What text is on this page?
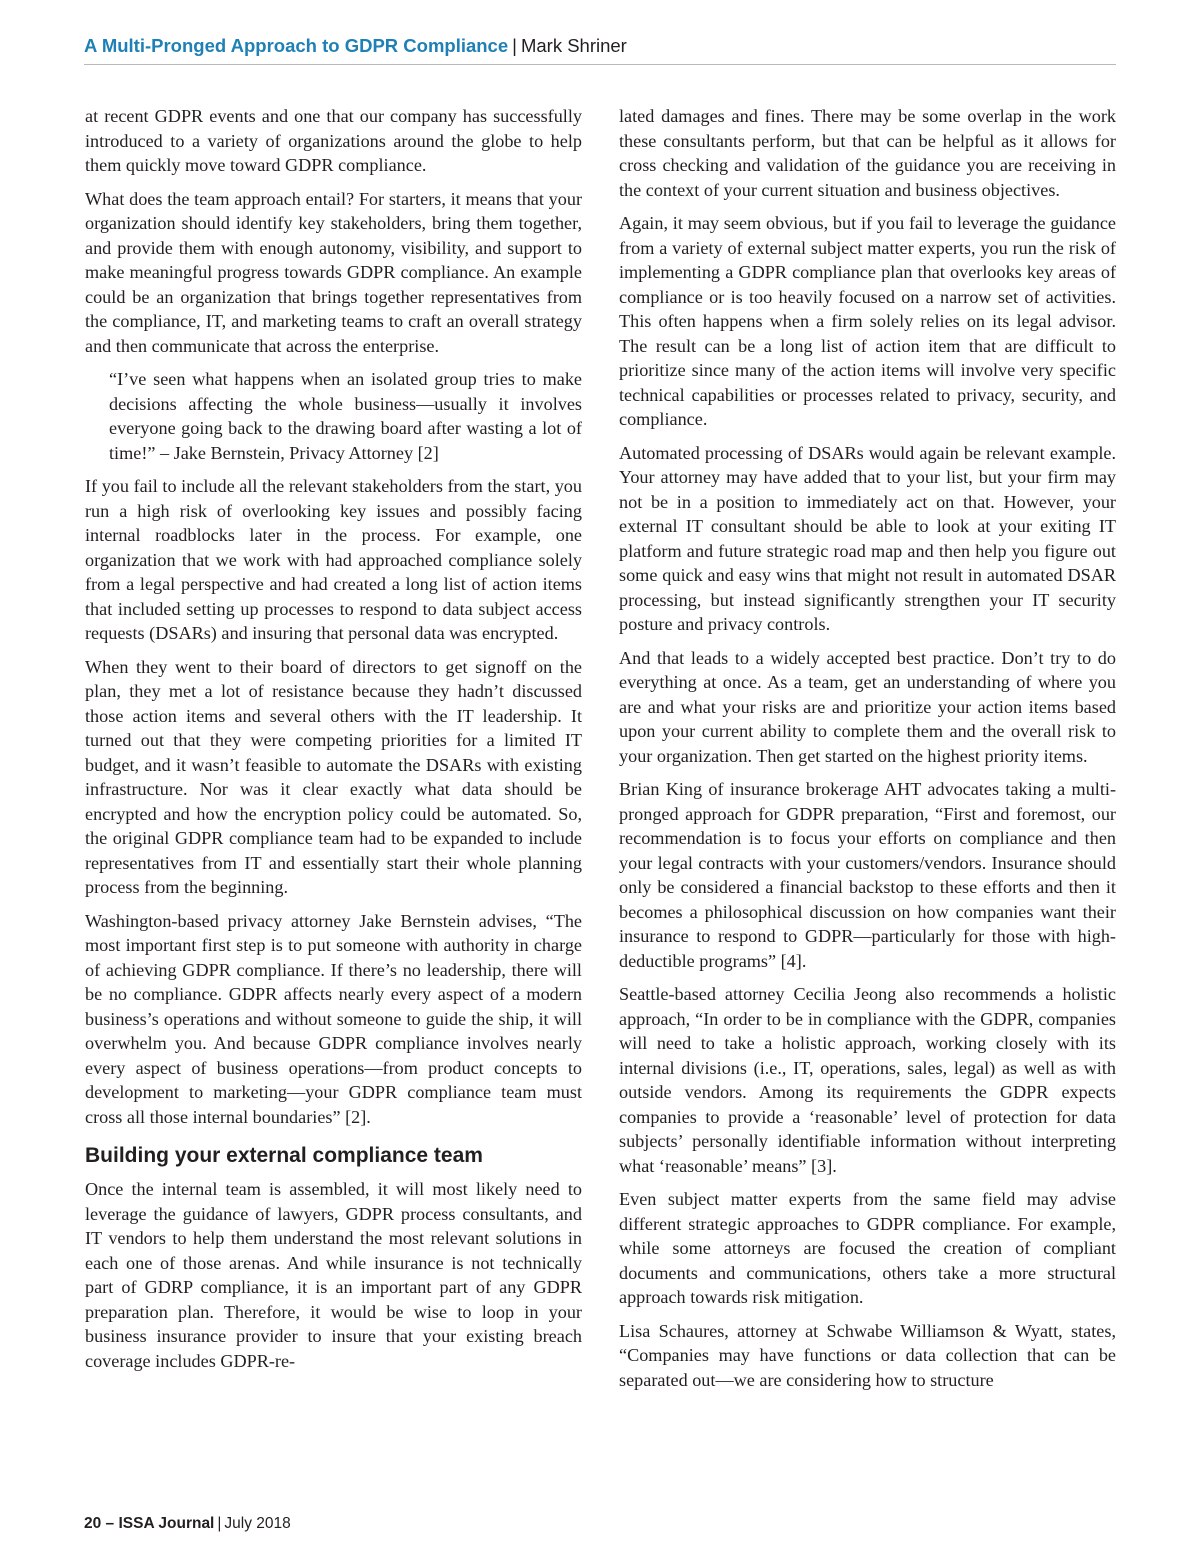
A Multi-Pronged Approach to GDPR Compliance | Mark Shriner

at recent GDPR events and one that our company has successfully introduced to a variety of organizations around the globe to help them quickly move toward GDPR compliance.

What does the team approach entail? For starters, it means that your organization should identify key stakeholders, bring them together, and provide them with enough autonomy, visibility, and support to make meaningful progress towards GDPR compliance. An example could be an organization that brings together representatives from the compliance, IT, and marketing teams to craft an overall strategy and then communicate that across the enterprise.

“I’ve seen what happens when an isolated group tries to make decisions affecting the whole business—usually it involves everyone going back to the drawing board after wasting a lot of time!” – Jake Bernstein, Privacy Attorney [2]

If you fail to include all the relevant stakeholders from the start, you run a high risk of overlooking key issues and possibly facing internal roadblocks later in the process. For example, one organization that we work with had approached compliance solely from a legal perspective and had created a long list of action items that included setting up processes to respond to data subject access requests (DSARs) and insuring that personal data was encrypted.

When they went to their board of directors to get signoff on the plan, they met a lot of resistance because they hadn’t discussed those action items and several others with the IT leadership. It turned out that they were competing priorities for a limited IT budget, and it wasn’t feasible to automate the DSARs with existing infrastructure. Nor was it clear exactly what data should be encrypted and how the encryption policy could be automated. So, the original GDPR compliance team had to be expanded to include representatives from IT and essentially start their whole planning process from the beginning.

Washington-based privacy attorney Jake Bernstein advises, “The most important first step is to put someone with authority in charge of achieving GDPR compliance. If there’s no leadership, there will be no compliance. GDPR affects nearly every aspect of a modern business’s operations and without someone to guide the ship, it will overwhelm you. And because GDPR compliance involves nearly every aspect of business operations—from product concepts to development to marketing—your GDPR compliance team must cross all those internal boundaries” [2].

Building your external compliance team

Once the internal team is assembled, it will most likely need to leverage the guidance of lawyers, GDPR process consultants, and IT vendors to help them understand the most relevant solutions in each one of those arenas. And while insurance is not technically part of GDRP compliance, it is an important part of any GDPR preparation plan. Therefore, it would be wise to loop in your business insurance provider to insure that your existing breach coverage includes GDPR-re-

lated damages and fines. There may be some overlap in the work these consultants perform, but that can be helpful as it allows for cross checking and validation of the guidance you are receiving in the context of your current situation and business objectives.

Again, it may seem obvious, but if you fail to leverage the guidance from a variety of external subject matter experts, you run the risk of implementing a GDPR compliance plan that overlooks key areas of compliance or is too heavily focused on a narrow set of activities. This often happens when a firm solely relies on its legal advisor. The result can be a long list of action item that are difficult to prioritize since many of the action items will involve very specific technical capabilities or processes related to privacy, security, and compliance.

Automated processing of DSARs would again be relevant example. Your attorney may have added that to your list, but your firm may not be in a position to immediately act on that. However, your external IT consultant should be able to look at your exiting IT platform and future strategic road map and then help you figure out some quick and easy wins that might not result in automated DSAR processing, but instead significantly strengthen your IT security posture and privacy controls.

And that leads to a widely accepted best practice. Don’t try to do everything at once. As a team, get an understanding of where you are and what your risks are and prioritize your action items based upon your current ability to complete them and the overall risk to your organization. Then get started on the highest priority items.

Brian King of insurance brokerage AHT advocates taking a multi-pronged approach for GDPR preparation, “First and foremost, our recommendation is to focus your efforts on compliance and then your legal contracts with your customers/vendors. Insurance should only be considered a financial backstop to these efforts and then it becomes a philosophical discussion on how companies want their insurance to respond to GDPR—particularly for those with high-deductible programs” [4].

Seattle-based attorney Cecilia Jeong also recommends a holistic approach, “In order to be in compliance with the GDPR, companies will need to take a holistic approach, working closely with its internal divisions (i.e., IT, operations, sales, legal) as well as with outside vendors. Among its requirements the GDPR expects companies to provide a ‘reasonable’ level of protection for data subjects’ personally identifiable information without interpreting what ‘reasonable’ means” [3].

Even subject matter experts from the same field may advise different strategic approaches to GDPR compliance. For example, while some attorneys are focused the creation of compliant documents and communications, others take a more structural approach towards risk mitigation.

Lisa Schaures, attorney at Schwabe Williamson & Wyatt, states, “Companies may have functions or data collection that can be separated out—we are considering how to structure

20 – ISSA Journal | July 2018
